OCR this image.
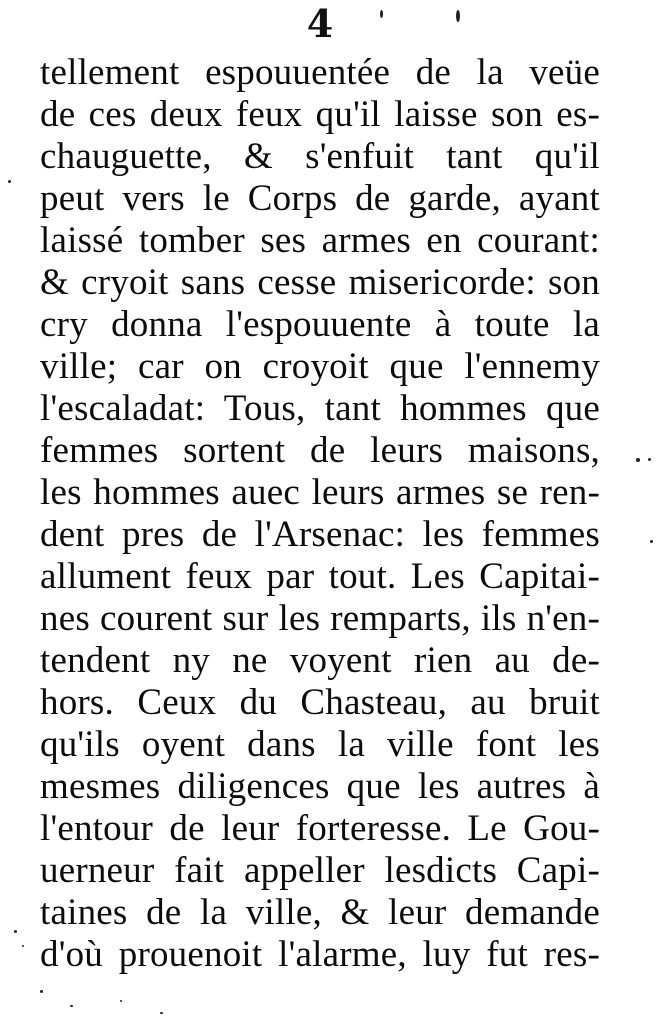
4
tellement espouuentée de la veüe
de ces deux feux qu'il laisse son es-
chauguette, & s'enfuit tant qu'il
peut vers le Corps de garde, ayant
laissé tomber ses armes en courant:
& cryoit sans cesse misericorde: son
cry donna l'espouuente à toute la
ville; car on croyoit que l'ennemy
l'escaladat: Tous, tant hommes que
femmes sortent de leurs maisons,
les hommes auec leurs armes se ren-
dent pres de l'Arsenac: les femmes
allument feux par tout. Les Capitai-
nes courent sur les remparts, ils n'en-
tendent ny ne voyent rien au de-
hors. Ceux du Chasteau, au bruit
qu'ils oyent dans la ville font les
mesmes diligences que les autres à
l'entour de leur forteresse. Le Gou-
uerneur fait appeller lesdicts Capi-
taines de la ville, & leur demande
d'où prouenoit l'alarme, luy fut res-
